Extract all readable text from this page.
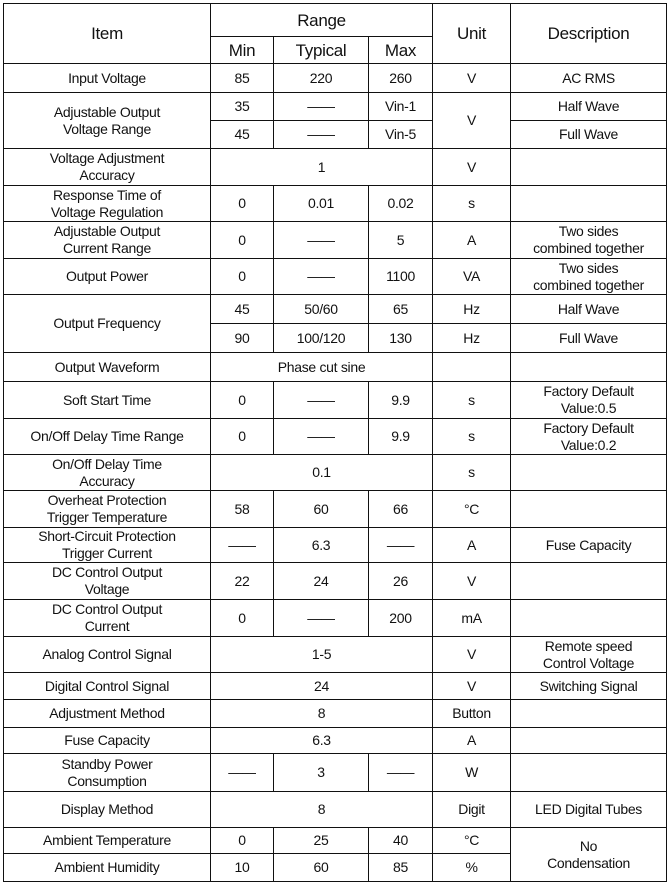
Item	Range			Unit	Description
	Min	Typical	Max		
Input Voltage	85	220	260	V	AC RMS
Adjustable Output
Voltage Range	35	——	Vin-1	V	Half Wave
	45	——	Vin-5		Full Wave
Voltage Adjustment
Accuracy	1			V	
Response Time of
Voltage Regulation	0	0.01	0.02	s	
Adjustable Output
Current Range	0	——	5	A	Two sides
combined together
Output Power	0	——	1100	VA	Two sides
combined together
Output Frequency	45	50/60	65	Hz	Half Wave
	90	100/120	130	Hz	Full Wave
Output Waveform	Phase cut sine				
Soft Start Time	0	——	9.9	s	Factory Default
Value:0.5
On/Off Delay Time Range	0	——	9.9	s	Factory Default
Value:0.2
On/Off Delay Time
Accuracy	0.1			s	
Overheat Protection
Trigger Temperature	58	60	66	°C	
Short-Circuit Protection
Trigger Current	——	6.3	——	A	Fuse Capacity
DC Control Output
Voltage	22	24	26	V	
DC Control Output
Current	0	——	200	mA	
Analog Control Signal	1-5			V	Remote speed
Control Voltage
Digital Control Signal	24			V	Switching Signal
Adjustment Method	8			Button	
Fuse Capacity	6.3			A	
Standby Power
Consumption	——	3	——	W	
Display Method	8			Digit	LED Digital Tubes
Ambient Temperature	0	25	40	°C	No
Condensation
Ambient Humidity	10	60	85	%	
